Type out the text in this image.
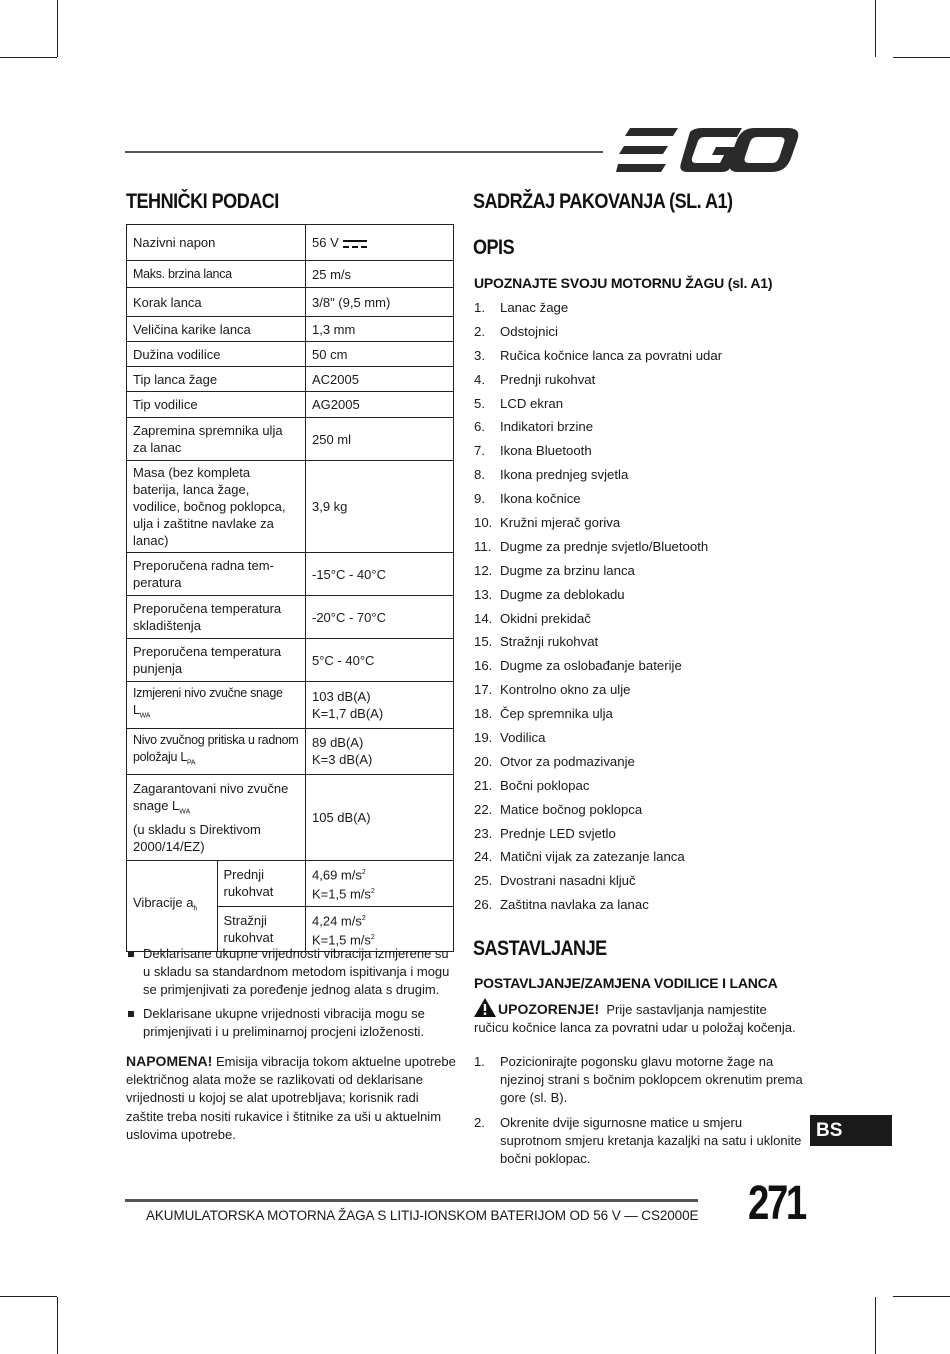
TEHNIČKI PODACI
Nazivni napon		56 V
Maks. brzina lanca		25 m/s
Korak lanca		3/8" (9,5 mm)
Veličina karike lanca		1,3 mm
Dužina vodilice		50 cm
Tip lanca žage		AC2005
Tip vodilice		AG2005
Zapremina spremnika ulja za lanac		250 ml
Masa (bez kompleta baterija, lanca žage, vodilice, bočnog poklopca, ulja i zaštitne navlake za lanac)		3,9 kg
Preporučena radna tem-peratura		-15°C - 40°C
Preporučena temperatura skladištenja		-20°C - 70°C
Preporučena temperatura punjenja		5°C - 40°C
Izmjereni nivo zvučne snage $L_{WA}$		103 dB(A)
K=1,7 dB(A)
Nivo zvučnog pritiska u radnom položaju $L_{PA}$		89 dB(A)
K=3 dB(A)
Zagarantovani nivo zvučne snage $L_{WA}$
(u skladu s Direktivom 2000/14/EZ)		105 dB(A)
Vibracije $a_h$	Prednji rukohvat	4,69 $m/s^2$
K=1,5 $m/s^2$
	Stražnji rukohvat	4,24 $m/s^2$
K=1,5 $m/s^2$
Deklarisane ukupne vrijednosti vibracija izmjerene su u skladu sa standardnom metodom ispitivanja i mogu se primjenjivati za poređenje jednog alata s drugim.
Deklarisane ukupne vrijednosti vibracija mogu se primjenjivati i u preliminarnoj procjeni izloženosti.
NAPOMENA! Emisija vibracija tokom aktuelne upotrebe električnog alata može se razlikovati od deklarisane vrijednosti u kojoj se alat upotrebljava; korisnik radi zaštite treba nositi rukavice i štitnike za uši u aktuelnim uslovima upotrebe.
SADRŽAJ PAKOVANJA (SL. A1)
OPIS
UPOZNAJTE SVOJU MOTORNU ŽAGU (sl. A1)
1. Lanac žage
2. Odstojnici
3. Ručica kočnice lanca za povratni udar
4. Prednji rukohvat
5. LCD ekran
6. Indikatori brzine
7. Ikona Bluetooth
8. Ikona prednjeg svjetla
9. Ikona kočnice
10. Kružni mjerač goriva
11. Dugme za prednje svjetlo/Bluetooth
12. Dugme za brzinu lanca
13. Dugme za deblokadu
14. Okidni prekidač
15. Stražnji rukohvat
16. Dugme za oslobađanje baterije
17. Kontrolno okno za ulje
18. Čep spremnika ulja
19. Vodilica
20. Otvor za podmazivanje
21. Bočni poklopac
22. Matice bočnog poklopca
23. Prednje LED svjetlo
24. Matični vijak za zatezanje lanca
25. Dvostrani nasadni ključ
26. Zaštitna navlaka za lanac
SASTAVLJANJE
POSTAVLJANJE/ZAMJENA VODILICE I LANCA
UPOZORENJE! Prije sastavljanja namjestite ručicu kočnice lanca za povratni udar u položaj kočenja.
1. Pozicionirajte pogonsku glavu motorne žage na njezinoj strani s bočnim poklopcem okrenutim prema gore (sl. B).
2. Okrenite dvije sigurnosne matice u smjeru suprotnom smjeru kretanja kazaljki na satu i uklonite bočni poklopac.
BS
AKUMULATORSKA MOTORNA ŽAGA S LITIJ-IONSKOM BATERIJOM OD 56 V — CS2000E 271
